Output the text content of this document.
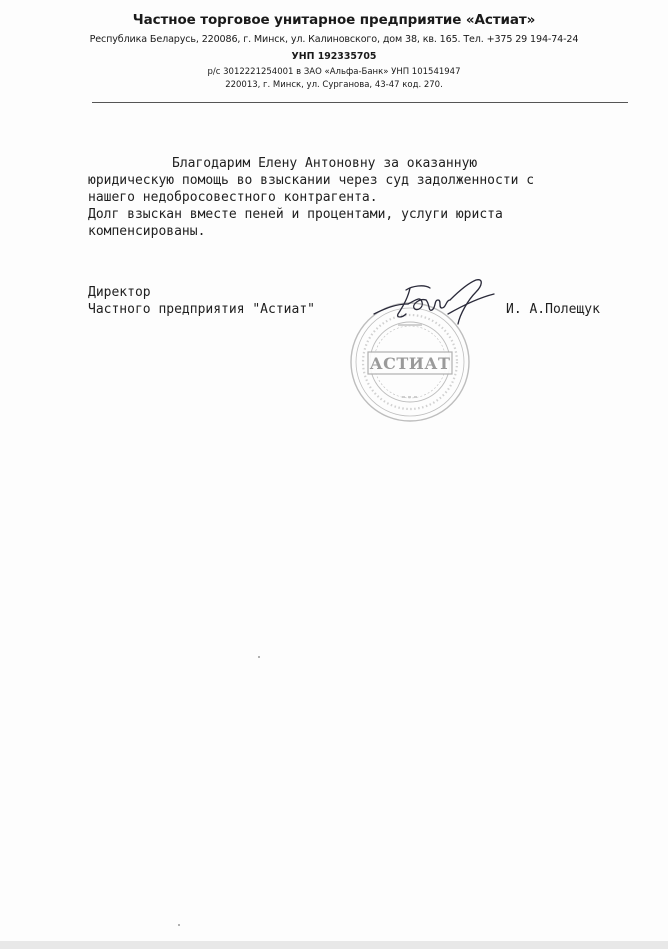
Частное торговое унитарное предприятие «Астиат»
Республика Беларусь, 220086, г. Минск, ул. Калиновского, дом 38, кв. 165. Тел. +375 29 194-74-24
УНП 192335705
р/с 3012221254001 в ЗАО «Альфа-Банк» УНП 101541947
220013, г. Минск, ул. Сурганова, 43-47 код. 270.
Благодарим Елену Антоновну за оказанную
юридическую помощь во взыскании через суд задолженности с
нашего недобросовестного контрагента.
Долг взыскан вместе пеней и процентами, услуги юриста
компенсированы.
АСТИАТ
Директор
Частного предприятия "Астиат"	И. А.Полещук
